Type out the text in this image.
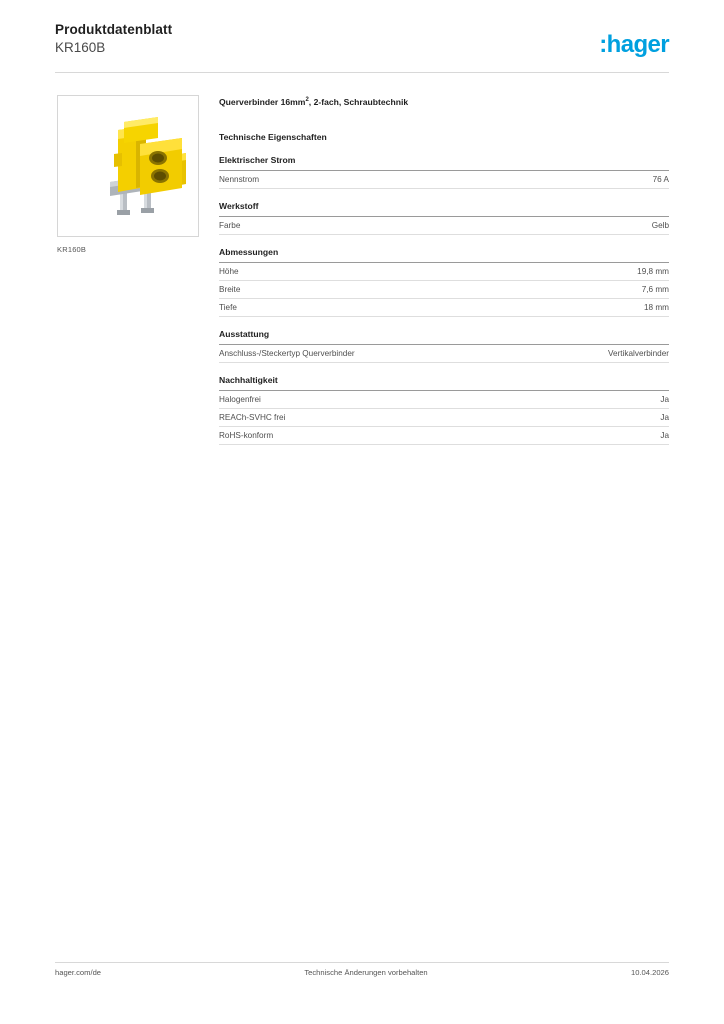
Produktdatenblatt
KR160B	:hager
KR160B
Querverbinder $16mm^2$, 2-fach, Schraubtechnik
Technische Eigenschaften
Elektrischer Strom
Nennstrom	76 A
Werkstoff
Farbe	Gelb
Abmessungen
Höhe	19,8 mm
Breite	7,6 mm
Tiefe	18 mm
Ausstattung
Anschluss-/Steckertyp Querverbinder	Vertikalverbinder
Nachhaltigkeit
Halogenfrei	Ja
REACh-SVHC frei	Ja
RoHS-konform	Ja
hager.com/de	Technische Änderungen vorbehalten	10.04.2026
